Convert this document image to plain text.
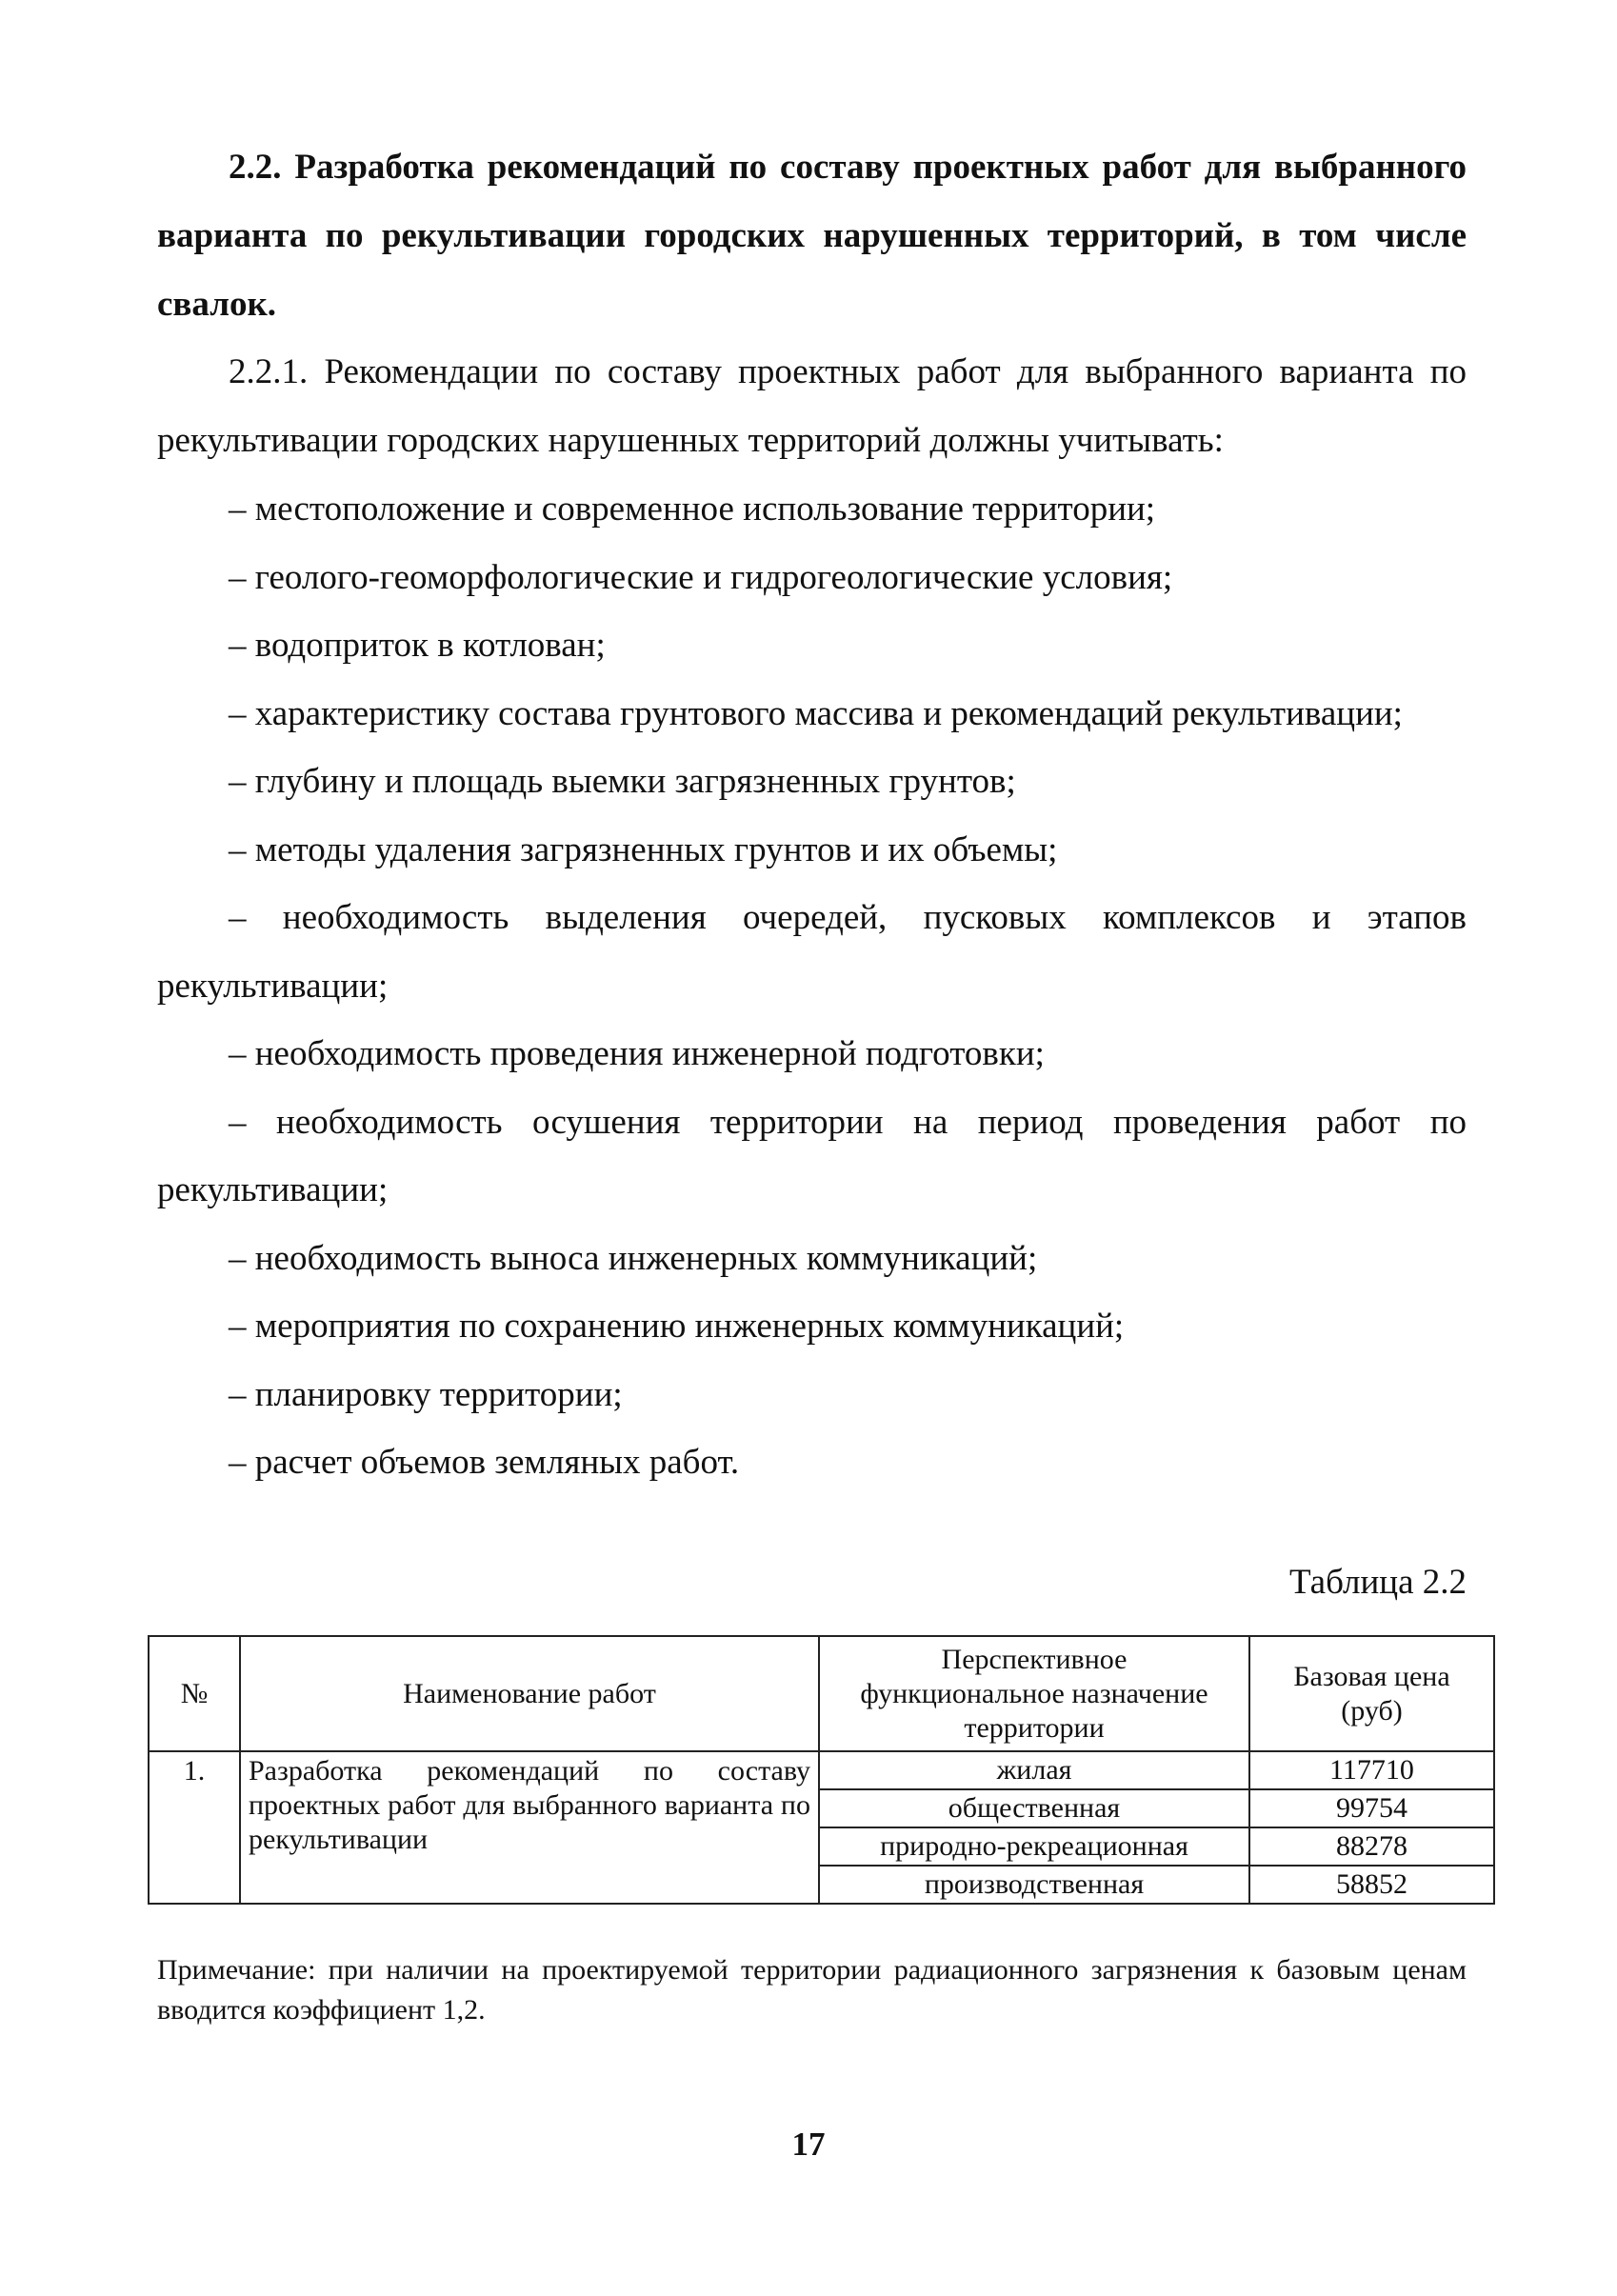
2.2. Разработка рекомендаций по составу проектных работ для выбранного варианта по рекультивации городских нарушенных территорий, в том числе свалок.
2.2.1. Рекомендации по составу проектных работ для выбранного варианта по рекультивации городских нарушенных территорий должны учитывать:
– местоположение и современное использование территории;
– геолого-геоморфологические и гидрогеологические условия;
– водоприток в котлован;
– характеристику состава грунтового массива и рекомендаций рекультивации;
– глубину и площадь выемки загрязненных грунтов;
– методы удаления загрязненных грунтов и их объемы;
– необходимость выделения очередей, пусковых комплексов и этапов рекультивации;
– необходимость проведения инженерной подготовки;
– необходимость осушения территории на период проведения работ по рекультивации;
– необходимость выноса инженерных коммуникаций;
– мероприятия по сохранению инженерных коммуникаций;
– планировку территории;
– расчет объемов земляных работ.
Таблица 2.2
№	Наименование работ	Перспективное функциональное назначение территории	Базовая цена (руб)
1.	Разработка рекомендаций по составу проектных работ для выбранного варианта по рекультивации	жилая	117710
		общественная	99754
		природно-рекреационная	88278
		производственная	58852
Примечание: при наличии на проектируемой территории радиационного загрязнения к базовым ценам вводится коэффициент 1,2.
17
